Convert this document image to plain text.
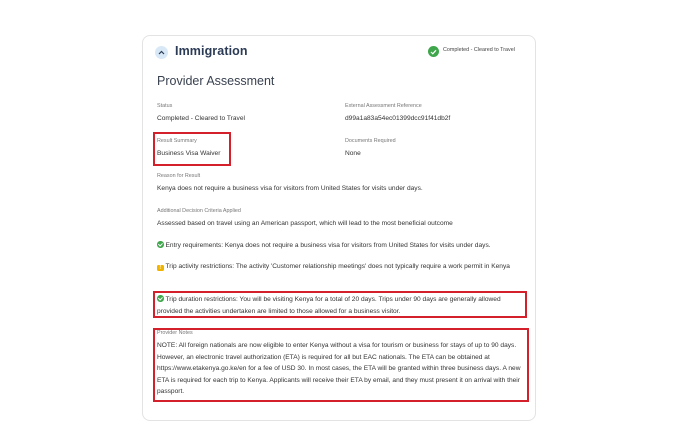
Immigration	Completed - Cleared to Travel
Provider Assessment
Status
Completed - Cleared to Travel
External Assessment Reference
d99a1a83a54ec01399dcc91f41db2f
Result Summary
Business Visa Waiver
Documents Required
None
Reason for Result
Kenya does not require a business visa for visitors from United States for visits under days.
Additional Decision Criteria Applied
Assessed based on travel using an American passport, which will lead to the most beneficial outcome
Entry requirements: Kenya does not require a business visa for visitors from United States for visits under days.
! Trip activity restrictions: The activity 'Customer relationship meetings' does not typically require a work permit in Kenya
Trip duration restrictions: You will be visiting Kenya for a total of 20 days. Trips under 90 days are generally allowed provided the activities undertaken are limited to those allowed for a business visitor.
Provider Notes
NOTE: All foreign nationals are now eligible to enter Kenya without a visa for tourism or business for stays of up to 90 days. However, an electronic travel authorization (ETA) is required for all but EAC nationals. The ETA can be obtained at https://www.etakenya.go.ke/en for a fee of USD 30. In most cases, the ETA will be granted within three business days. A new ETA is required for each trip to Kenya. Applicants will receive their ETA by email, and they must present it on arrival with their passport.
